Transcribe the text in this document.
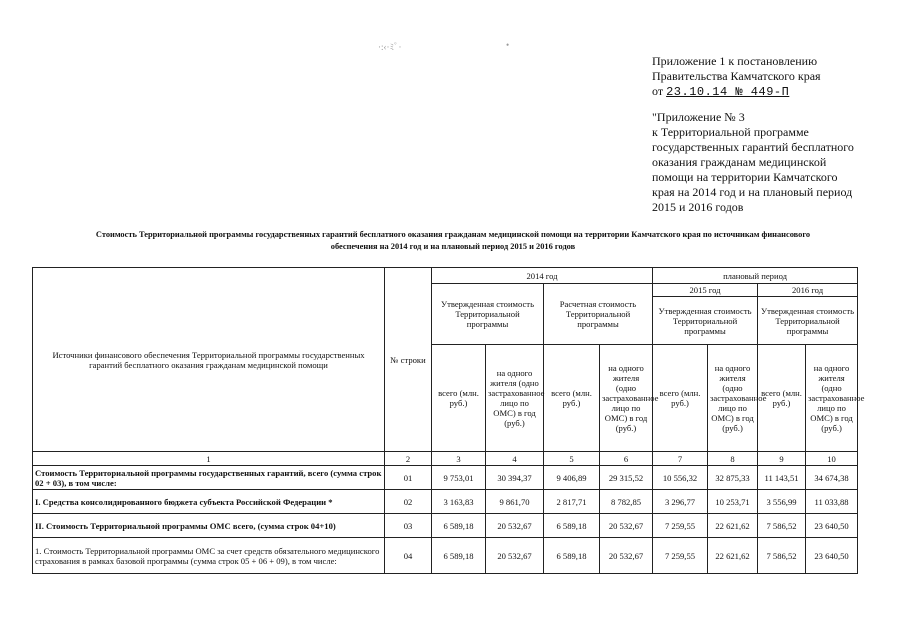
·:‹·ﾐﾟ·	•
Приложение 1 к постановлению
Правительства Камчатского края
от 23.10.14 № 449-П
"Приложение № 3
к Территориальной программе
государственных гарантий бесплатного
оказания гражданам медицинской
помощи на территории Камчатского
края на 2014 год и на плановый период
2015 и 2016 годов
Стоимость Территориальной программы государственных гарантий бесплатного оказания гражданам медицинской помощи на территории Камчатского края по источникам финансового
обеспечения на 2014 год и на плановый период 2015 и 2016 годов
Источники финансового обеспечения Территориальной программы государственных гарантий бесплатного оказания гражданам медицинской помощи	№ строки	2014 год				плановый период			
		Утвержденная стоимость Территориальной программы		Расчетная стоимость Территориальной программы		2015 год		2016 год	
						Утвержденная стоимость Территориальной программы		Утвержденная стоимость Территориальной программы	
		всего (млн. руб.)	на одного жителя (одно застрахованное лицо по ОМС) в год (руб.)	всего (млн. руб.)	на одного жителя (одно застрахованное лицо по ОМС) в год (руб.)	всего (млн. руб.)	на одного жителя (одно застрахованное лицо по ОМС) в год (руб.)	всего (млн. руб.)	на одного жителя (одно застрахованное лицо по ОМС) в год (руб.)
1	2	3	4	5	6	7	8	9	10
Стоимость Территориальной программы государственных гарантий, всего (сумма строк 02 + 03), в том числе:	01	9 753,01	30 394,37	9 406,89	29 315,52	10 556,32	32 875,33	11 143,51	34 674,38
I. Средства консолидированного бюджета субъекта Российской Федерации *	02	3 163,83	9 861,70	2 817,71	8 782,85	3 296,77	10 253,71	3 556,99	11 033,88
II. Стоимость Территориальной программы ОМС всего, (сумма строк 04+10)	03	6 589,18	20 532,67	6 589,18	20 532,67	7 259,55	22 621,62	7 586,52	23 640,50
1. Стоимость Территориальной программы ОМС за счет средств обязательного медицинского страхования в рамках базовой программы (сумма строк 05 + 06 + 09), в том числе:	04	6 589,18	20 532,67	6 589,18	20 532,67	7 259,55	22 621,62	7 586,52	23 640,50
